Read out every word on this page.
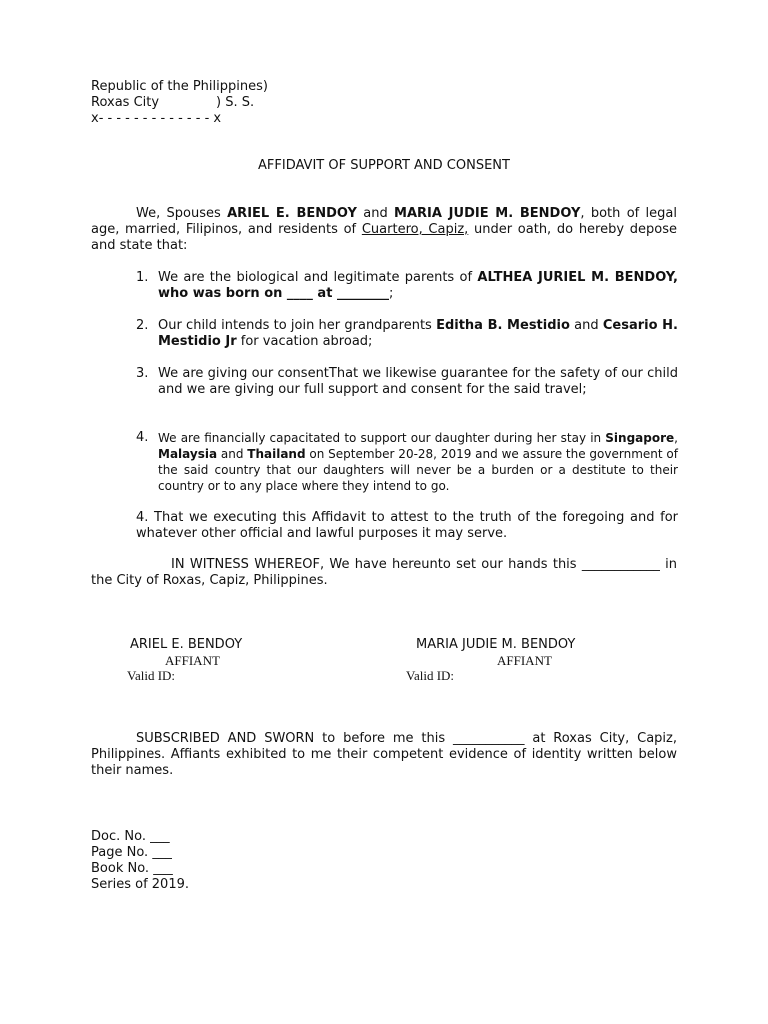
Republic of the Philippines)
Roxas City	) S. S.
x- - - - - - - - - - - - - x
AFFIDAVIT OF SUPPORT AND CONSENT
We, Spouses ARIEL E. BENDOY and MARIA JUDIE M. BENDOY, both of legal age, married, Filipinos, and residents of Cuartero, Capiz, under oath, do hereby depose and state that:
1. We are the biological and legitimate parents of ALTHEA JURIEL M. BENDOY, who was born on ____ at ________;
2. Our child intends to join her grandparents Editha B. Mestidio and Cesario H. Mestidio Jr for vacation abroad;
3. We are giving our consentThat we likewise guarantee for the safety of our child and we are giving our full support and consent for the said travel;
4. We are financially capacitated to support our daughter during her stay in Singapore, Malaysia and Thailand on September 20-28, 2019 and we assure the government of the said country that our daughters will never be a burden or a destitute to their country or to any place where they intend to go.
4. That we executing this Affidavit to attest to the truth of the foregoing and for whatever other official and lawful purposes it may serve.
IN WITNESS WHEREOF, We have hereunto set our hands this ____________ in the City of Roxas, Capiz, Philippines.
ARIEL E. BENDOY
AFFIANT
Valid ID:
MARIA JUDIE M. BENDOY
AFFIANT
Valid ID:
SUBSCRIBED AND SWORN to before me this ___________ at Roxas City, Capiz, Philippines. Affiants exhibited to me their competent evidence of identity written below their names.
Doc. No. ___
Page No. ___
Book No. ___
Series of 2019.
